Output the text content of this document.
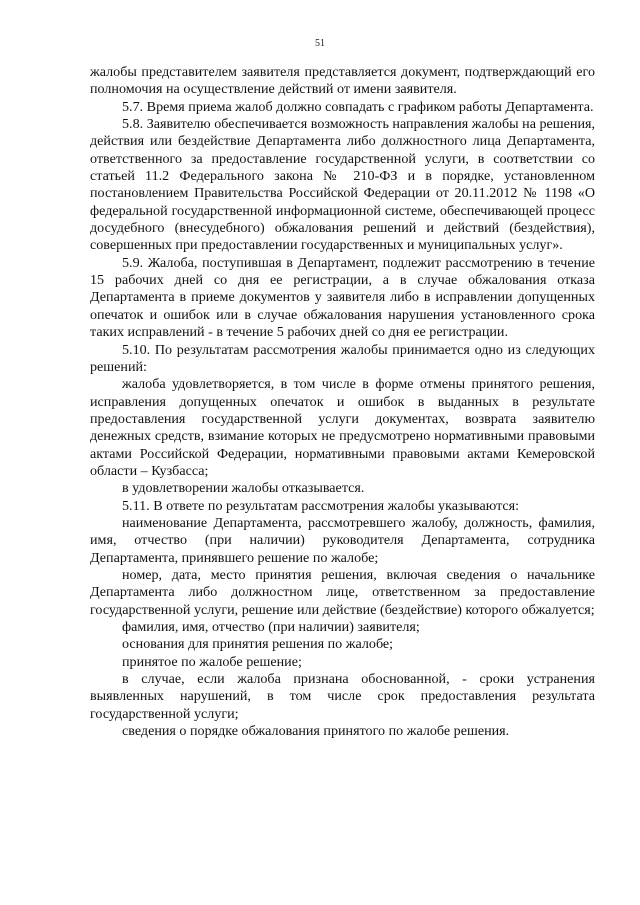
51

жалобы представителем заявителя представляется документ, подтверждающий его полномочия на осуществление действий от имени заявителя.

5.7. Время приема жалоб должно совпадать с графиком работы Департамента.

5.8. Заявителю обеспечивается возможность направления жалобы на решения, действия или бездействие Департамента либо должностного лица Департамента, ответственного за предоставление государственной услуги, в соответствии со статьей 11.2 Федерального закона № 210-ФЗ и в порядке, установленном постановлением Правительства Российской Федерации от 20.11.2012 № 1198 «О федеральной государственной информационной системе, обеспечивающей процесс досудебного (внесудебного) обжалования решений и действий (бездействия), совершенных при предоставлении государственных и муниципальных услуг».

5.9. Жалоба, поступившая в Департамент, подлежит рассмотрению в течение 15 рабочих дней со дня ее регистрации, а в случае обжалования отказа Департамента в приеме документов у заявителя либо в исправлении допущенных опечаток и ошибок или в случае обжалования нарушения установленного срока таких исправлений - в течение 5 рабочих дней со дня ее регистрации.

5.10. По результатам рассмотрения жалобы принимается одно из следующих решений:

жалоба удовлетворяется, в том числе в форме отмены принятого решения, исправления допущенных опечаток и ошибок в выданных в результате предоставления государственной услуги документах, возврата заявителю денежных средств, взимание которых не предусмотрено нормативными правовыми актами Российской Федерации, нормативными правовыми актами Кемеровской области – Кузбасса;

в удовлетворении жалобы отказывается.

5.11. В ответе по результатам рассмотрения жалобы указываются:

наименование Департамента, рассмотревшего жалобу, должность, фамилия, имя, отчество (при наличии) руководителя Департамента, сотрудника Департамента, принявшего решение по жалобе;

номер, дата, место принятия решения, включая сведения о начальнике Департамента либо должностном лице, ответственном за предоставление государственной услуги, решение или действие (бездействие) которого обжалуется;

фамилия, имя, отчество (при наличии) заявителя;

основания для принятия решения по жалобе;

принятое по жалобе решение;

в случае, если жалоба признана обоснованной, - сроки устранения выявленных нарушений, в том числе срок предоставления результата государственной услуги;

сведения о порядке обжалования принятого по жалобе решения.
